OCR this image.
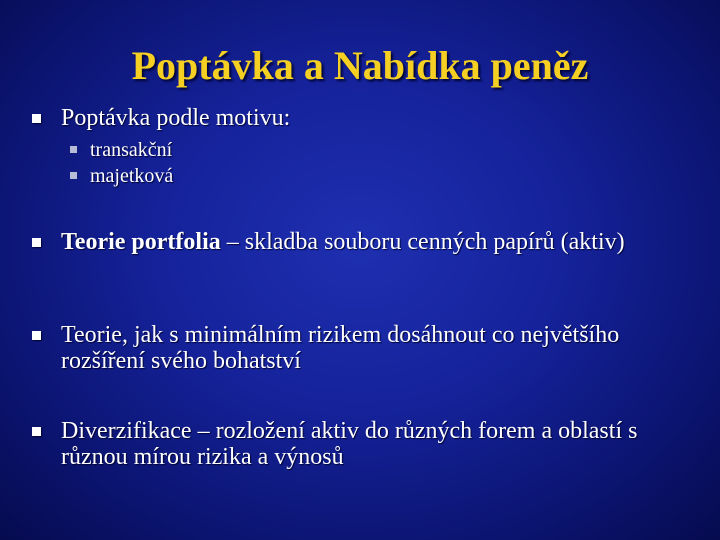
Poptávka a Nabídka peněz
Poptávka podle motivu:
transakční
majetková
Teorie portfolia – skladba souboru cenných papírů (aktiv)
Teorie, jak s minimálním rizikem dosáhnout co největšího rozšíření svého bohatství
Diverzifikace – rozložení aktiv do různých forem a oblastí s různou mírou rizika a výnosů
